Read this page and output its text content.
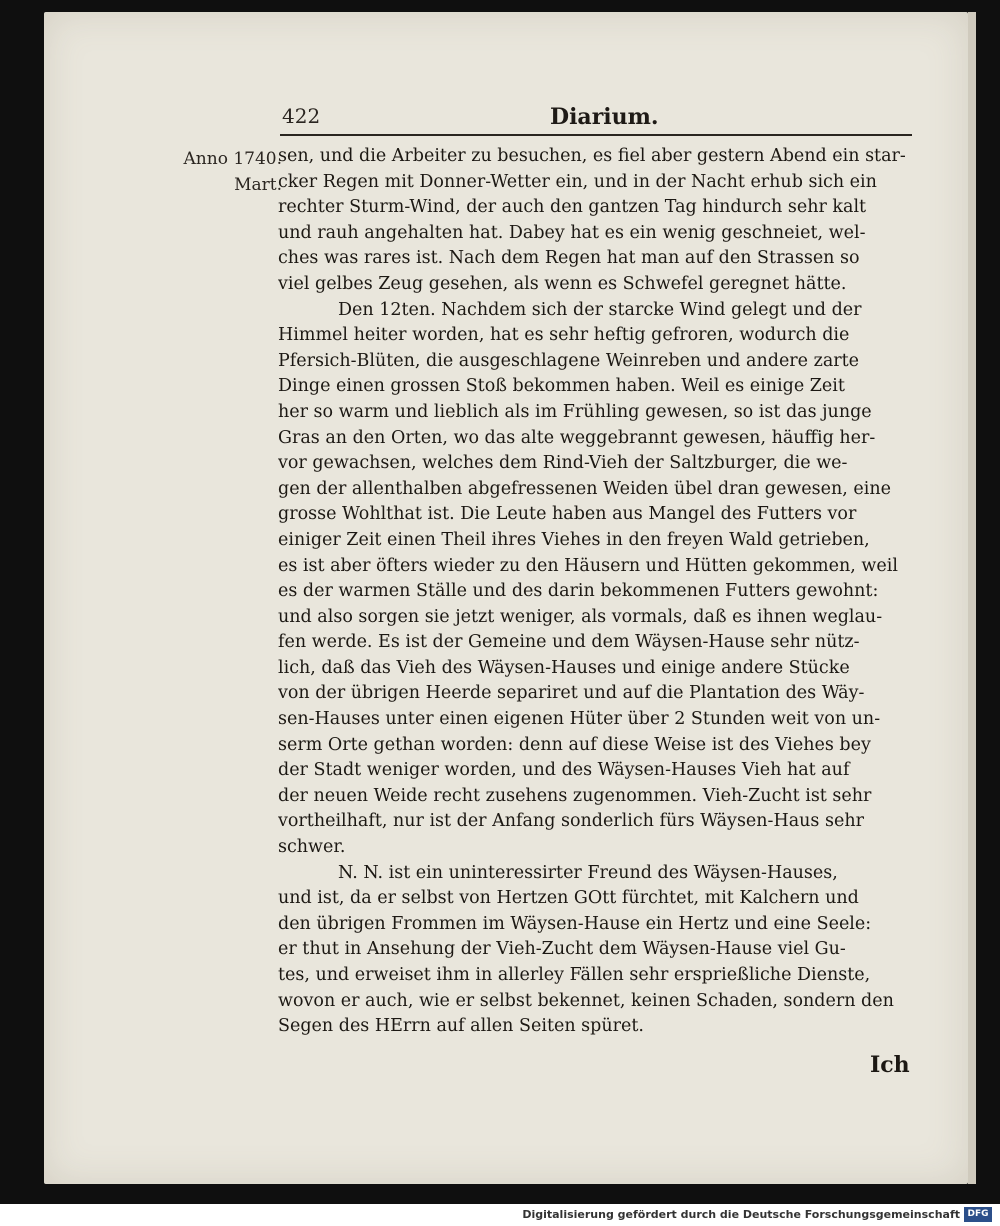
422	Diarium.
Anno 1740.
Mart.
sen, und die Arbeiter zu besuchen, es fiel aber gestern Abend ein star-
cker Regen mit Donner-Wetter ein, und in der Nacht erhub sich ein
rechter Sturm-Wind, der auch den gantzen Tag hindurch sehr kalt
und rauh angehalten hat. Dabey hat es ein wenig geschneiet, wel-
ches was rares ist. Nach dem Regen hat man auf den Strassen so
viel gelbes Zeug gesehen, als wenn es Schwefel geregnet hätte.
Den 12ten. Nachdem sich der starcke Wind gelegt und der
Himmel heiter worden, hat es sehr heftig gefroren, wodurch die
Pfersich-Blüten, die ausgeschlagene Weinreben und andere zarte
Dinge einen grossen Stoß bekommen haben. Weil es einige Zeit
her so warm und lieblich als im Frühling gewesen, so ist das junge
Gras an den Orten, wo das alte weggebrannt gewesen, häuffig her-
vor gewachsen, welches dem Rind-Vieh der Saltzburger, die we-
gen der allenthalben abgefressenen Weiden übel dran gewesen, eine
grosse Wohlthat ist. Die Leute haben aus Mangel des Futters vor
einiger Zeit einen Theil ihres Viehes in den freyen Wald getrieben,
es ist aber öfters wieder zu den Häusern und Hütten gekommen, weil
es der warmen Ställe und des darin bekommenen Futters gewohnt:
und also sorgen sie jetzt weniger, als vormals, daß es ihnen weglau-
fen werde. Es ist der Gemeine und dem Wäysen-Hause sehr nütz-
lich, daß das Vieh des Wäysen-Hauses und einige andere Stücke
von der übrigen Heerde separiret und auf die Plantation des Wäy-
sen-Hauses unter einen eigenen Hüter über 2 Stunden weit von un-
serm Orte gethan worden: denn auf diese Weise ist des Viehes bey
der Stadt weniger worden, und des Wäysen-Hauses Vieh hat auf
der neuen Weide recht zusehens zugenommen. Vieh-Zucht ist sehr
vortheilhaft, nur ist der Anfang sonderlich fürs Wäysen-Haus sehr
schwer.
N. N. ist ein uninteressirter Freund des Wäysen-Hauses,
und ist, da er selbst von Hertzen GOtt fürchtet, mit Kalchern und
den übrigen Frommen im Wäysen-Hause ein Hertz und eine Seele:
er thut in Ansehung der Vieh-Zucht dem Wäysen-Hause viel Gu-
tes, und erweiset ihm in allerley Fällen sehr ersprießliche Dienste,
wovon er auch, wie er selbst bekennet, keinen Schaden, sondern den
Segen des HErrn auf allen Seiten spüret.
Ich
Digitalisierung gefördert durch die Deutsche Forschungsgemeinschaft DFG
